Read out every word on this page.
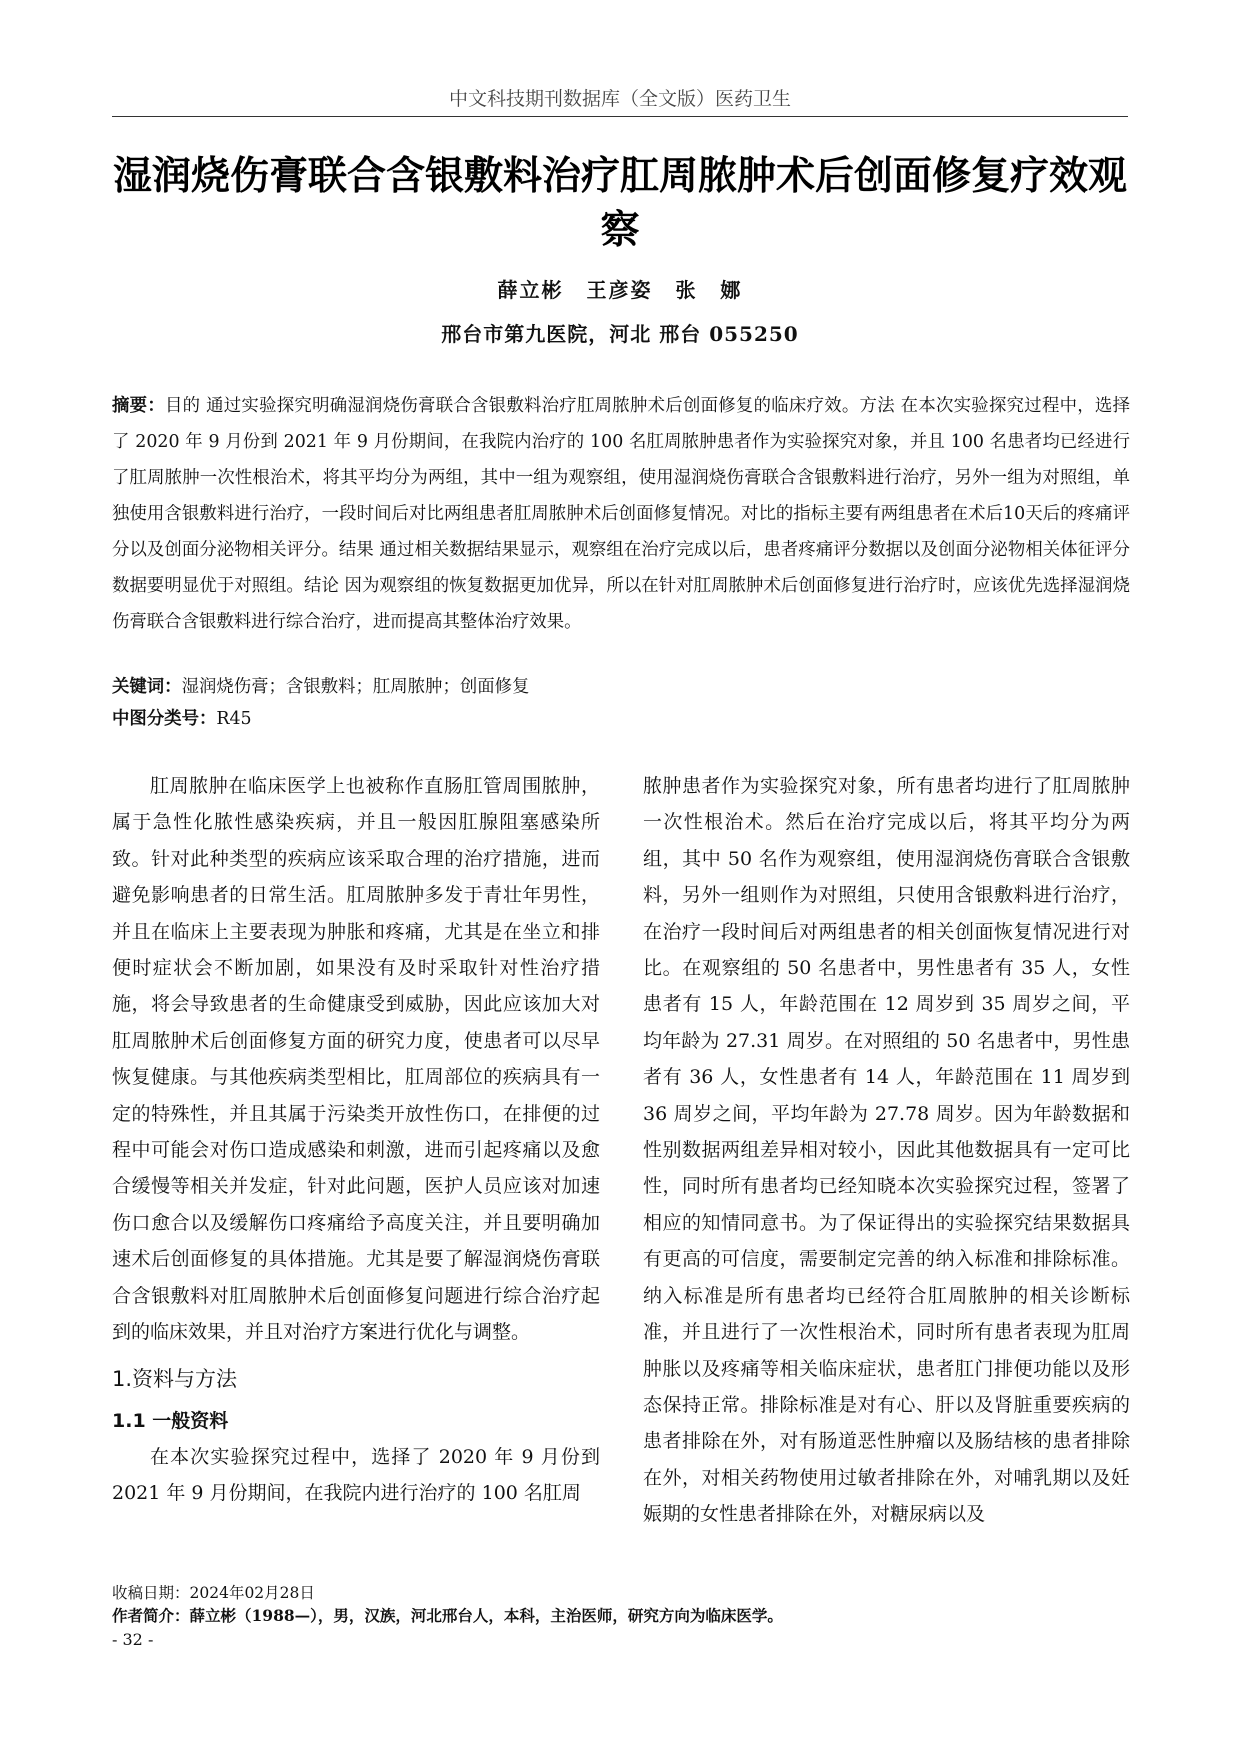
中文科技期刊数据库（全文版）医药卫生
湿润烧伤膏联合含银敷料治疗肛周脓肿术后创面修复疗效观察
薛立彬 王彦姿 张 娜
邢台市第九医院，河北 邢台 055250
摘要：目的 通过实验探究明确湿润烧伤膏联合含银敷料治疗肛周脓肿术后创面修复的临床疗效。方法 在本次实验探究过程中，选择了 2020 年 9 月份到 2021 年 9 月份期间，在我院内治疗的 100 名肛周脓肿患者作为实验探究对象，并且 100 名患者均已经进行了肛周脓肿一次性根治术，将其平均分为两组，其中一组为观察组，使用湿润烧伤膏联合含银敷料进行治疗，另外一组为对照组，单独使用含银敷料进行治疗，一段时间后对比两组患者肛周脓肿术后创面修复情况。对比的指标主要有两组患者在术后10天后的疼痛评分以及创面分泌物相关评分。结果 通过相关数据结果显示，观察组在治疗完成以后，患者疼痛评分数据以及创面分泌物相关体征评分数据要明显优于对照组。结论 因为观察组的恢复数据更加优异，所以在针对肛周脓肿术后创面修复进行治疗时，应该优先选择湿润烧伤膏联合含银敷料进行综合治疗，进而提高其整体治疗效果。
关键词：湿润烧伤膏；含银敷料；肛周脓肿；创面修复
中图分类号：R45

肛周脓肿在临床医学上也被称作直肠肛管周围脓肿，属于急性化脓性感染疾病，并且一般因肛腺阻塞感染所致。针对此种类型的疾病应该采取合理的治疗措施，进而避免影响患者的日常生活。肛周脓肿多发于青壮年男性，并且在临床上主要表现为肿胀和疼痛，尤其是在坐立和排便时症状会不断加剧，如果没有及时采取针对性治疗措施，将会导致患者的生命健康受到威胁，因此应该加大对肛周脓肿术后创面修复方面的研究力度，使患者可以尽早恢复健康。与其他疾病类型相比，肛周部位的疾病具有一定的特殊性，并且其属于污染类开放性伤口，在排便的过程中可能会对伤口造成感染和刺激，进而引起疼痛以及愈合缓慢等相关并发症，针对此问题，医护人员应该对加速伤口愈合以及缓解伤口疼痛给予高度关注，并且要明确加速术后创面修复的具体措施。尤其是要了解湿润烧伤膏联合含银敷料对肛周脓肿术后创面修复问题进行综合治疗起到的临床效果，并且对治疗方案进行优化与调整。

1.资料与方法

1.1 一般资料

在本次实验探究过程中，选择了 2020 年 9 月份到 2021 年 9 月份期间，在我院内进行治疗的 100 名肛周

脓肿患者作为实验探究对象，所有患者均进行了肛周脓肿一次性根治术。然后在治疗完成以后，将其平均分为两组，其中 50 名作为观察组，使用湿润烧伤膏联合含银敷料，另外一组则作为对照组，只使用含银敷料进行治疗，在治疗一段时间后对两组患者的相关创面恢复情况进行对比。在观察组的 50 名患者中，男性患者有 35 人，女性患者有 15 人，年龄范围在 12 周岁到 35 周岁之间，平均年龄为 27.31 周岁。在对照组的 50 名患者中，男性患者有 36 人，女性患者有 14 人，年龄范围在 11 周岁到 36 周岁之间，平均年龄为 27.78 周岁。因为年龄数据和性别数据两组差异相对较小，因此其他数据具有一定可比性，同时所有患者均已经知晓本次实验探究过程，签署了相应的知情同意书。为了保证得出的实验探究结果数据具有更高的可信度，需要制定完善的纳入标准和排除标准。纳入标准是所有患者均已经符合肛周脓肿的相关诊断标准，并且进行了一次性根治术，同时所有患者表现为肛周肿胀以及疼痛等相关临床症状，患者肛门排便功能以及形态保持正常。排除标准是对有心、肝以及肾脏重要疾病的患者排除在外，对有肠道恶性肿瘤以及肠结核的患者排除在外，对相关药物使用过敏者排除在外，对哺乳期以及妊娠期的女性患者排除在外，对糖尿病以及

收稿日期：2024年02月28日
作者简介：薛立彬（1988—），男，汉族，河北邢台人，本科，主治医师，研究方向为临床医学。
- 32 -
